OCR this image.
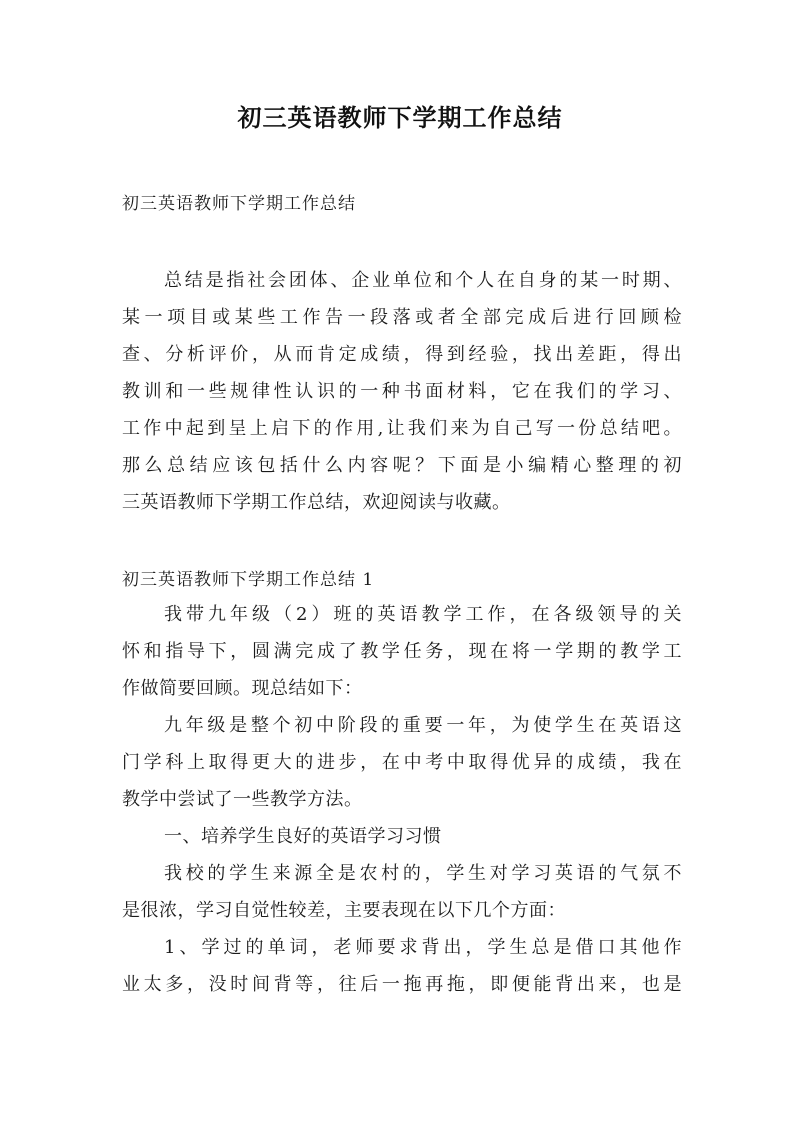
初三英语教师下学期工作总结
初三英语教师下学期工作总结
总结是指社会团体、企业单位和个人在自身的某一时期、
某一项目或某些工作告一段落或者全部完成后进行回顾检
查、分析评价，从而肯定成绩，得到经验，找出差距，得出
教训和一些规律性认识的一种书面材料，它在我们的学习、
工作中起到呈上启下的作用,让我们来为自己写一份总结吧。
那么总结应该包括什么内容呢？下面是小编精心整理的初
三英语教师下学期工作总结，欢迎阅读与收藏。
初三英语教师下学期工作总结 1
我带九年级（2）班的英语教学工作，在各级领导的关
怀和指导下，圆满完成了教学任务，现在将一学期的教学工
作做简要回顾。现总结如下：
九年级是整个初中阶段的重要一年，为使学生在英语这
门学科上取得更大的进步，在中考中取得优异的成绩，我在
教学中尝试了一些教学方法。
一、培养学生良好的英语学习习惯
我校的学生来源全是农村的，学生对学习英语的气氛不
是很浓，学习自觉性较差，主要表现在以下几个方面：
1、学过的单词，老师要求背出，学生总是借口其他作
业太多，没时间背等，往后一拖再拖，即便能背出来，也是
